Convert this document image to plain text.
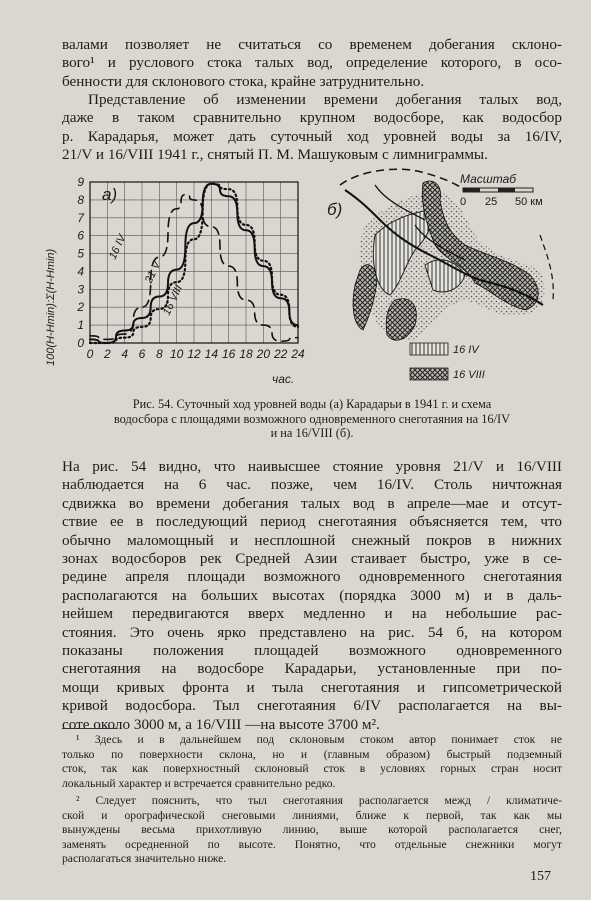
валами позволяет не считаться со временем добегания склоно-
вого¹ и руслового стока талых вод, определение которого, в осо-
бенности для склонового стока, крайне затруднительно.
Представление об изменении времени добегания талых вод,
даже в таком сравнительно крупном водосборе, как водосбор
р. Карадарья, может дать суточный ход уровней воды за 16/IV,
21/V и 16/VIII 1941 г., снятый П. М. Машуковым с лимниграммы.
0
1
2
3
4
5
6
7
8
9
0 2 4 6 8 10 12 14 16 18 20 22 24
а)
100(H-Hmin):Σ(H-Hmin)
час.
16 IV
21 V
16 VIII
б)
Масштаб
0 25 50 км
16 IV
16 VIII
Рис. 54. Суточный ход уровней воды (а) Карадарьи в 1941 г. и схема
водосбора с площадями возможного одновременного снеготаяния на 16/IV
и на 16/VIII (б).
На рис. 54 видно, что наивысшее стояние уровня 21/V и 16/VIII
наблюдается на 6 час. позже, чем 16/IV. Столь ничтожная
сдвижка во времени добегания талых вод в апреле—мае и отсут-
ствие ее в последующий период снеготаяния объясняется тем, что
обычно маломощный и несплошной снежный покров в нижних
зонах водосборов рек Средней Азии стаивает быстро, уже в се-
редине апреля площади возможного одновременного снеготаяния
располагаются на больших высотах (порядка 3000 м) и в даль-
нейшем передвигаются вверх медленно и на небольшие рас-
стояния. Это очень ярко представлено на рис. 54 б, на котором
показаны положения площадей возможного одновременного
снеготаяния на водосборе Карадарьи, установленные при по-
мощи кривых фронта и тыла снеготаяния и гипсометрической
кривой водосбора. Тыл снеготаяния 6/IV располагается на вы-
соте около 3000 м, а 16/VIII —на высоте 3700 м².
¹ Здесь и в дальнейшем под склоновым стоком автор понимает сток не
только по поверхности склона, но и (главным образом) быстрый подземный
сток, так как поверхностный склоновый сток в условиях горных стран носит
локальный характер и встречается сравнительно редко.
² Следует пояснить, что тыл снеготаяния располагается межд / климатиче-
ской и орографической снеговыми линиями, ближе к первой, так как мы
вынуждены весьма прихотливую линию, выше которой располагается снег,
заменять осредненной по высоте. Понятно, что отдельные снежники могут
располагаться значительно ниже.
157
